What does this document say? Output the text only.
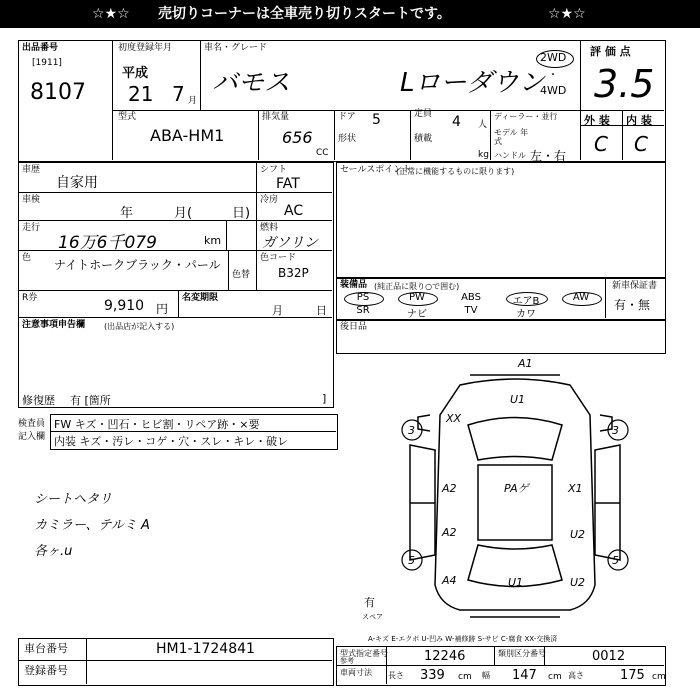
☆★☆ 売切りコーナーは全車売り切りスタートです。	☆★☆
出品番号
[1911]
8107
初度登録年月
平成
21 7 月
車名・グレード
バモス	Lローダウン
2WD
・
4WD
評 価 点
3.5
型式
ABA-HM1
排気量
656
CC
ドア 5
形状
定員 4 人
積載
kg
ディーラー・並行
モデル 年式
ハンドル 左・右
外 装 内 装
C C
車歴
自家用
車検
年	月(	日)
走行
16万6千079	km
シフト
FAT
冷房
AC
燃料
ガソリン
色 ナイトホークブラック・パール
色替
色コード
B32P
R券	9,910 円
名変期限
月	日
注意事項申告欄 (出品店が記入する)
修復歴 有 [箇所	]
セールスポイント
(正常に機能するものに限ります)
装備品 (純正品に限り○で囲む)	新車保証書
有・無
PS	PW	ABS	エアB	AW
SR	ナビ	TV	カワ
後日品
検査員
記入欄
FW キズ・凹石・ヒビ割・リペア跡・×要
内装 キズ・汚レ・コゲ・穴・スレ・キレ・破レ
シートヘタリ
カミラー、テルミ A
各ヶ.u
A1
U1
XX
3	3
A2	PAゲ	X1
A2	U2
5	5
A4	U1	U2
有
スペア
A-キズ E-エクボ U-凹み W-補修跡 S-サビ C-腐食 XX-交換済
車台番号	HM1-1724841
登録番号
型式指定番号
参考	12246	類別区分番号	0012
車両寸法 長さ 339 cm 幅 147 cm 高さ	175 cm
